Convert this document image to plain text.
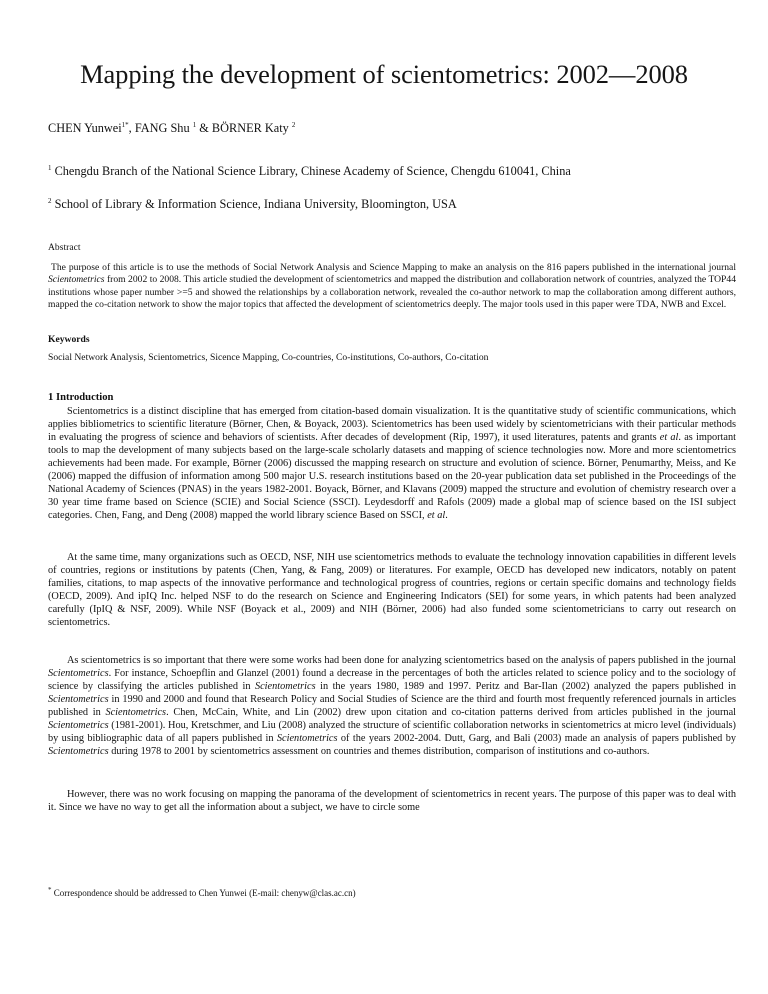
Mapping the development of scientometrics: 2002—2008
CHEN Yunwei$^{1*}$, FANG Shu $^1$ & BÖRNER Katy $^2$
$^1$ Chengdu Branch of the National Science Library, Chinese Academy of Science, Chengdu 610041, China
$^2$ School of Library & Information Science, Indiana University, Bloomington, USA
Abstract
The purpose of this article is to use the methods of Social Network Analysis and Science Mapping to make an analysis on the 816 papers published in the international journal Scientometrics from 2002 to 2008. This article studied the development of scientometrics and mapped the distribution and collaboration network of countries, analyzed the TOP44 institutions whose paper number >=5 and showed the relationships by a collaboration network, revealed the co-author network to map the collaboration among different authors, mapped the co-citation network to show the major topics that affected the development of scientometrics deeply. The major tools used in this paper were TDA, NWB and Excel.
Keywords
Social Network Analysis, Scientometrics, Sicence Mapping, Co-countries, Co-institutions, Co-authors, Co-citation
1 Introduction

Scientometrics is a distinct discipline that has emerged from citation-based domain visualization. It is the quantitative study of scientific communications, which applies bibliometrics to scientific literature (Börner, Chen, & Boyack, 2003). Scientometrics has been used widely by scientometricians with their particular methods in evaluating the progress of science and behaviors of scientists. After decades of development (Rip, 1997), it used literatures, patents and grants et al. as important tools to map the development of many subjects based on the large-scale scholarly datasets and mapping of science technologies now. More and more scientometrics achievements had been made. For example, Börner (2006) discussed the mapping research on structure and evolution of science. Börner, Penumarthy, Meiss, and Ke (2006) mapped the diffusion of information among 500 major U.S. research institutions based on the 20-year publication data set published in the Proceedings of the National Academy of Sciences (PNAS) in the years 1982-2001. Boyack, Börner, and Klavans (2009) mapped the structure and evolution of chemistry research over a 30 year time frame based on Science (SCIE) and Social Science (SSCI). Leydesdorff and Rafols (2009) made a global map of science based on the ISI subject categories. Chen, Fang, and Deng (2008) mapped the world library science Based on SSCI, et al.

At the same time, many organizations such as OECD, NSF, NIH use scientometrics methods to evaluate the technology innovation capabilities in different levels of countries, regions or institutions by patents (Chen, Yang, & Fang, 2009) or literatures. For example, OECD has developed new indicators, notably on patent families, citations, to map aspects of the innovative performance and technological progress of countries, regions or certain specific domains and technology fields (OECD, 2009). And ipIQ Inc. helped NSF to do the research on Science and Engineering Indicators (SEI) for some years, in which patents had been analyzed carefully (IpIQ & NSF, 2009). While NSF (Boyack et al., 2009) and NIH (Börner, 2006) had also funded some scientometricians to carry out research on scientometrics.

As scientometrics is so important that there were some works had been done for analyzing scientometrics based on the analysis of papers published in the journal Scientometrics. For instance, Schoepflin and Glanzel (2001) found a decrease in the percentages of both the articles related to science policy and to the sociology of science by classifying the articles published in Scientometrics in the years 1980, 1989 and 1997. Peritz and Bar-Ilan (2002) analyzed the papers published in Scientometrics in 1990 and 2000 and found that Research Policy and Social Studies of Science are the third and fourth most frequently referenced journals in articles published in Scientometrics. Chen, McCain, White, and Lin (2002) drew upon citation and co-citation patterns derived from articles published in the journal Scientometrics (1981-2001). Hou, Kretschmer, and Liu (2008) analyzed the structure of scientific collaboration networks in scientometrics at micro level (individuals) by using bibliographic data of all papers published in Scientometrics of the years 2002-2004. Dutt, Garg, and Bali (2003) made an analysis of papers published by Scientometrics during 1978 to 2001 by scientometrics assessment on countries and themes distribution, comparison of institutions and co-authors.

However, there was no work focusing on mapping the panorama of the development of scientometrics in recent years. The purpose of this paper was to deal with it. Since we have no way to get all the information about a subject, we have to circle some

* Correspondence should be addressed to Chen Yunwei (E-mail: chenyw@clas.ac.cn)
